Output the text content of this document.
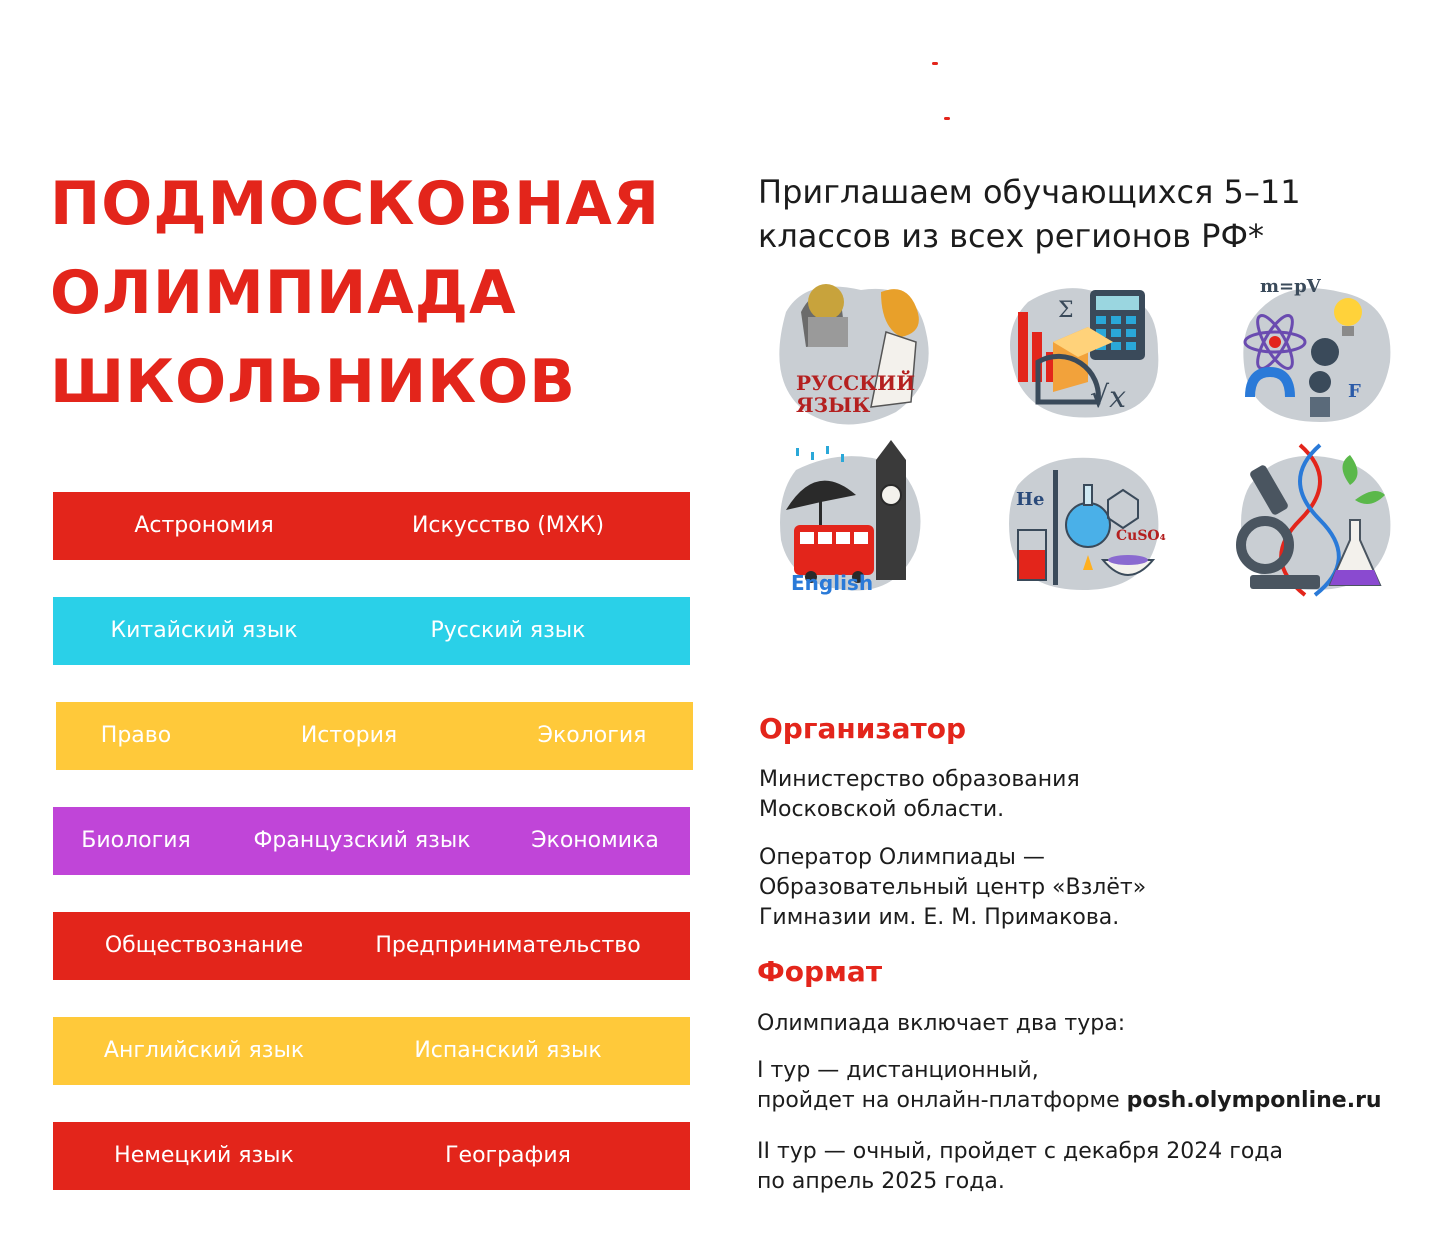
ПОДМОСКОВНАЯ
ОЛИМПИАДА
ШКОЛЬНИКОВ
Астрономия	Искусство (МХК)
Китайский язык	Русский язык
Право	История	Экология
Биология	Французский язык	Экономика
Обществознание	Предпринимательство
Английский язык	Испанский язык
Немецкий язык	География

Приглашаем обучающихся 5–11
классов из всех регионов РФ*

РУССКИЙ
ЯЗЫК
Σ
√x
m=pV
F
English
He
CuSO₄
Организатор

Министерство образования
Московской области.

Оператор Олимпиады —
Образовательный центр «Взлёт»
Гимназии им. Е. М. Примакова.

Формат

Олимпиада включает два тура:

I тур — дистанционный,
пройдет на онлайн-платформе posh.olymponline.ru

II тур — очный, пройдет с декабря 2024 года
по апрель 2025 года.
